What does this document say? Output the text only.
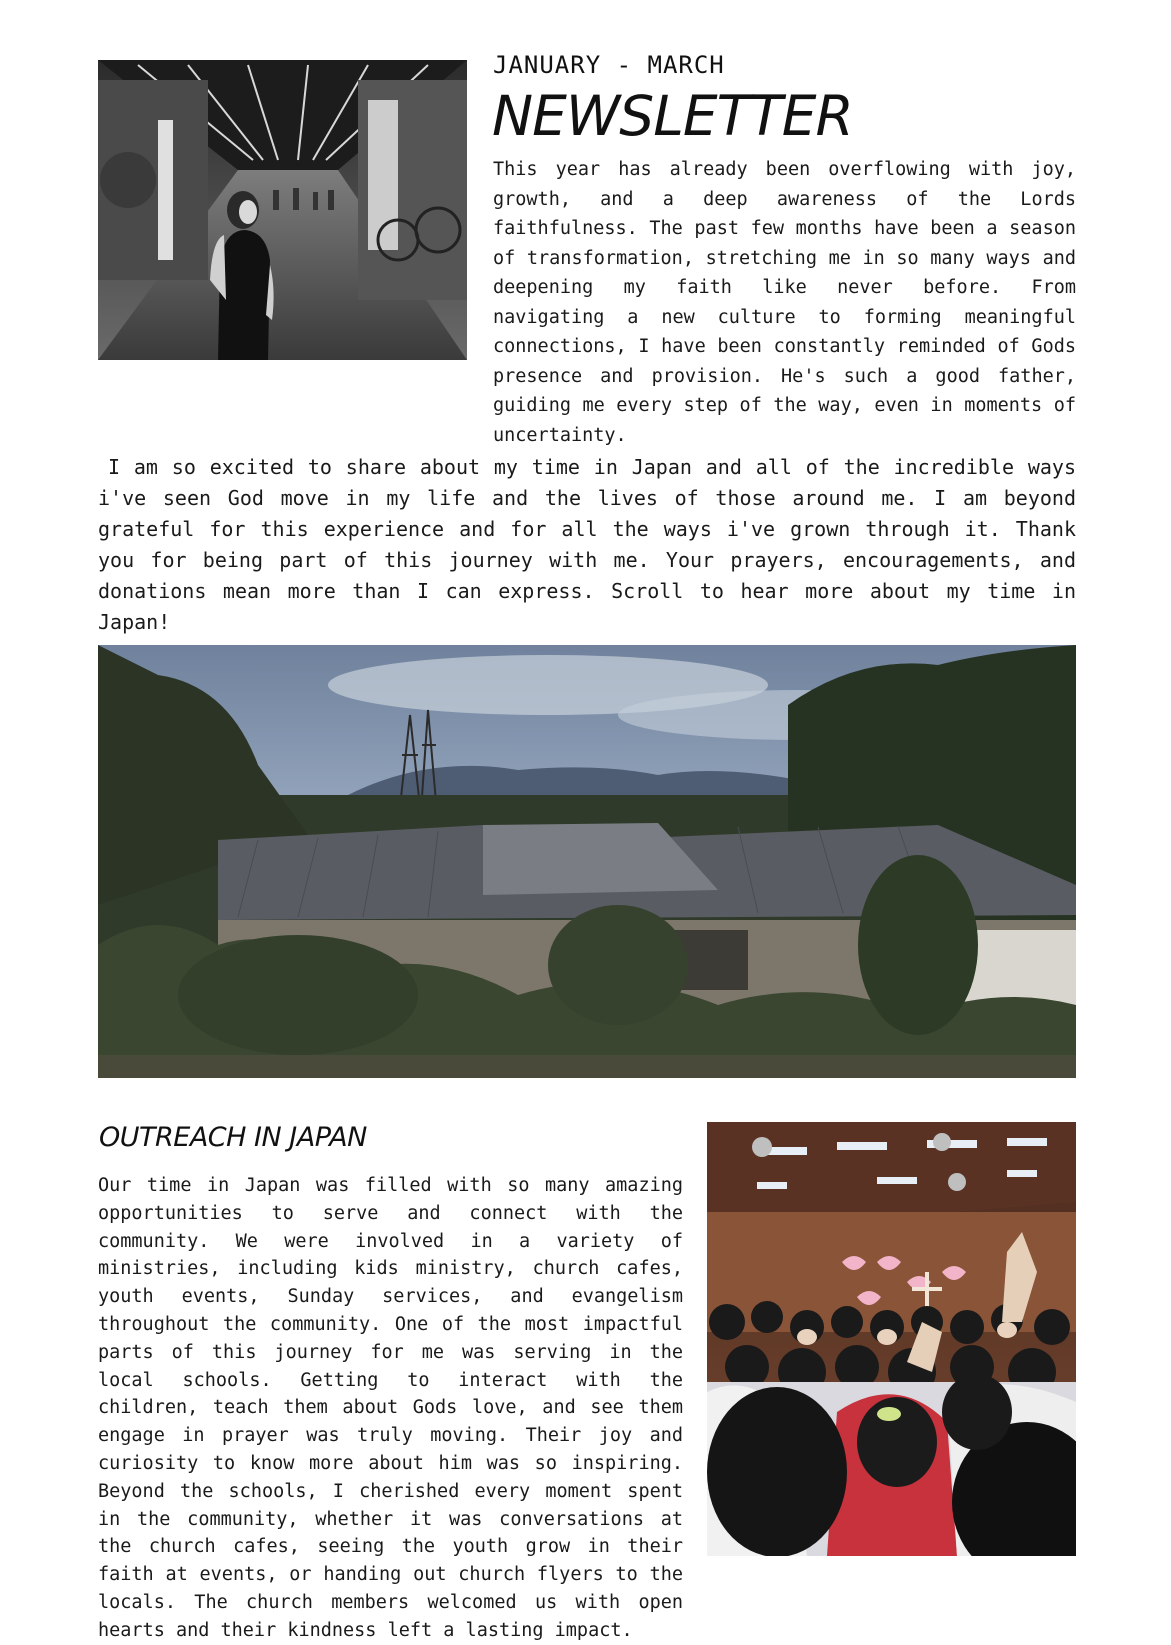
JANUARY - MARCH
NEWSLETTER

This year has already been overflowing with joy, growth, and a deep awareness of the Lords faithfulness. The past few months have been a season of transformation, stretching me in so many ways and deepening my faith like never before. From navigating a new culture to forming meaningful connections, I have been constantly reminded of Gods presence and provision. He's such a good father, guiding me every step of the way, even in moments of uncertainty.

I am so excited to share about my time in Japan and all of the incredible ways i've seen God move in my life and the lives of those around me. I am beyond grateful for this experience and for all the ways i've grown through it. Thank you for being part of this journey with me. Your prayers, encouragements, and donations mean more than I can express. Scroll to hear more about my time in Japan!

OUTREACH IN JAPAN

Our time in Japan was filled with so many amazing opportunities to serve and connect with the community. We were involved in a variety of ministries, including kids ministry, church cafes, youth events, Sunday services, and evangelism throughout the community. One of the most impactful parts of this journey for me was serving in the local schools. Getting to interact with the children, teach them about Gods love, and see them engage in prayer was truly moving. Their joy and curiosity to know more about him was so inspiring. Beyond the schools, I cherished every moment spent in the community, whether it was conversations at the church cafes, seeing the youth grow in their faith at events, or handing out church flyers to the locals. The church members welcomed us with open hearts and their kindness left a lasting impact.
